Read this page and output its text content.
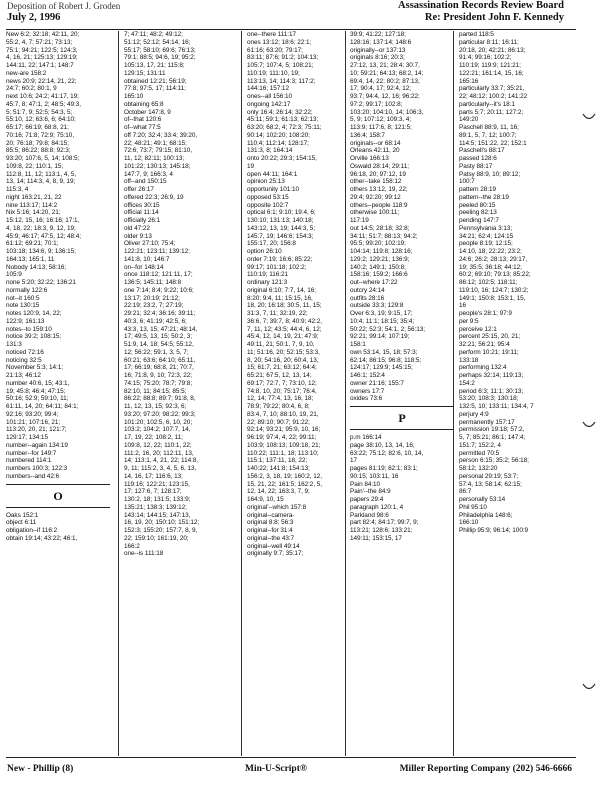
Deposition of Robert J. Groden
July 2, 1996
Assassination Records Review Board
Re: President John F. Kennedy
New 6:2; 32:18; 42:11, 20;
55:2, 4, 7; 57:21; 73:13;
75:1; 94:21; 122:5; 124:3,
4, 16, 21; 125:13; 129:19;
144:11, 22; 147:1; 148:7
new-are 158:2
news 20:9; 22:14, 21, 22;
24:7; 60:2; 80:1, 9
next 10:6; 24:2; 41:17, 19;
45:7, 8; 47:1, 2; 48:5; 49:3,
5; 51:7, 9; 52:5; 54:3, 5;
55:10, 12; 63:6, 6; 64:10;
65:17; 66:19; 68:8, 21;
70:16; 71:8; 72:9; 75:10,
20; 76:18; 79:8; 84:15;
85:5; 86:22; 88:8; 92:3;
93:20; 107:6, 5, 14; 108:5;
109:8, 22; 110:1, 15;
112:8, 11, 12; 113:1, 4, 5,
13, 14; 114:3, 4, 8, 9, 19;
115:3, 4
night 163:21, 21, 22
nine 113:17; 114:2
Nix 5:16; 14:20, 21;
15:12, 15, 16; 16:16; 17:1,
4, 18, 22; 18:3, 9, 12, 19;
45:9; 46:17; 47:5, 12; 48:4;
61:12; 69:21; 70:1;
103:18; 134:6, 9; 136:15;
164:13; 165:1, 11
Nobody 14:13; 58:16;
105:9
none 5:20; 32:22; 136:21
normally 122:6
not--it 160:5
note 130:15
notes 120:9, 14, 22;
122:9; 161:13
notes--to 159:10
notice 39:2; 108:15;
131:3
noticed 72:16
noticing 32:5
November 5:3; 14:1;
21:13; 46:12
number 40:6, 15; 43:1,
19; 45:8; 46:4; 47:15;
50:16; 52:9; 59:10, 11;
61:11, 14, 20; 64:11; 84:1;
92:16; 93:20; 99:4;
101:21; 107:16, 21;
113:20, 20, 21; 121:7;
129:17; 134:15
number--again 134:19
number--for 149:7
numbered 114:1
numbers 100:3; 122:3
numbers--and 42:6
O
Oaks 152:1
object 6:11
obligation--if 116:2
obtain 19:14; 43:22; 46:1,
7; 47:11; 48:2; 49:12;
51:12; 52:12; 54:14, 16;
55:17; 58:10; 69:6; 76:13;
79:1; 88:5; 94:6, 19; 95:2;
105:13, 17, 21; 115:8;
129:15; 131:11
obtained 12:21; 56:19;
77:8; 97:5, 17; 114:11;
165:10
obtaining 65:8
October 147:8, 9
of--that 120:6
of--what 77:5
off 7:20; 32:4; 33:4; 39:20,
22; 48:21; 49:1; 68:15;
72:6; 73:7; 79:15; 81:10,
11, 12; 82:11; 100:13;
101:22; 130:13; 145:18;
147:7, 9; 166:3, 4
off--and 150:15
offer 26:17
offered 22:3; 26:9, 19
offices 30:15
official 11:14
officially 26:1
old 47:22
older 9:13
Oliver 27:10; 75:4;
122:21; 123:11; 139:12;
141:8, 10; 146:7
on--for 148:14
once 118:12; 121:11, 17;
136:5; 145:11; 148:8
one 7:14; 8:4; 9:22; 10:6;
13:17; 20:19; 21:12;
22:19; 23:2, 7; 27:19;
29:21; 32:4; 36:16; 39:11;
40:3, 6; 41:19; 42:5, 6;
43:3, 13, 15; 47:21; 48:14,
17; 49:5, 13, 15; 50:2, 3;
51:9, 14, 18; 54:5; 55:12,
12; 56:22; 59:1, 3, 5, 7;
60:21; 63:6; 64:10; 65:11,
17; 66:19; 68:8, 21; 70:7,
16; 71:8, 9, 10; 72:3, 22;
74:15; 75:20; 78:7; 79:8;
82:10, 11; 84:15; 85:5;
86:22; 88:8; 89:7; 91:8, 8,
11, 12, 13, 15; 92:3, 6;
93:20; 97:20; 98:22; 99:3;
101:20; 102:5, 6, 10, 20;
103:2; 104:2; 107:7, 14,
17, 19, 22; 108:2, 11;
109:8, 12, 22; 110:1, 22;
111:2, 16, 20; 112:11, 13,
14; 113:1, 4, 21, 22; 114:8,
9, 11; 115:2, 3, 4, 5, 6, 13,
14, 16, 17; 116:6, 13;
119:16; 122:21; 123:15,
17; 127:6, 7; 128:17;
130:2, 18; 131:5; 133:9;
135:21; 138:3; 139:12;
143:14; 144:15; 147:13,
16, 19, 20; 150:10; 151:12;
152:3; 155:20; 157:7, 8, 9,
22; 159:10; 161:19, 20;
166:2
one--is 111:18
one--there 111:17
ones 13:12; 18:6; 22:1;
61:16; 63:20; 79:17;
83:11; 87:6; 91:2; 104:13;
105:7; 107:4, 5; 108:21;
110:19; 111:10, 19;
113:13, 14; 114:3; 117:2;
144:16; 157:12
ones--all 156:10
ongoing 142:17
only 16:4; 26:14; 32:22;
45:11; 59:1; 61:13; 62:13;
63:20; 68:2, 4; 72:3; 75:11;
90:14; 102:20; 108:20;
110:4; 112:14; 128:17;
131:3, 8; 164:14
onto 20:22; 29:3; 154:15,
19
open 44:11; 164:1
opinion 25:13
opportunity 101:10
opposed 53:15
opposite 102:7
optical 6:1; 9:10; 19:4, 6;
130:10; 131:13; 140:18;
143:12, 13, 19; 144:3, 5;
145:7, 19; 146:6; 154:3;
155:17, 20; 156:8
option 26:10
order 7:19; 16:6; 85:22;
99:17; 101:18; 102:2;
110:19; 116:21
ordinary 121:3
original 6:10; 7:7, 14, 16;
8:20; 9:4, 11; 15:15, 16,
18, 20; 16:18; 30:5, 11, 15;
31:3, 7, 11; 32:19, 22;
36:6, 7; 39:7, 8; 40:9; 42:2,
7, 11, 12; 43:5; 44:4, 6, 12;
45:4, 12, 14, 19, 21; 47:9;
49:11, 21; 50:1, 7, 9, 10,
11; 51:16, 20; 52:15; 53:3,
8, 20; 54:16, 20; 60:4, 13,
15; 61:7, 21; 63:12; 64:4;
65:21; 67:5, 12, 13, 14;
69:17; 72:7, 7; 73:10, 12;
74:8, 10, 20; 75:17; 76:4,
12, 14; 77:4, 13, 16, 18;
78:9; 79:22; 80:4, 6, 8;
83:4, 7, 10; 88:10, 19, 21,
22; 89:10; 90:7; 91:22;
92:14; 93:21; 95:9, 10, 16;
96:19; 97:4, 4, 22; 99:11;
103:9; 108:13; 109:18, 21;
110:22; 111:1, 18; 113:10;
115:1; 137:11, 18, 22;
140:22; 141:8; 154:13;
156:2, 3, 18, 19; 160:2, 12,
15, 21, 22; 161:5; 162:2, 5,
12, 14, 22; 163:3, 7, 9;
164:9, 10, 15
original'--which 157:8
original--camera-
original 8:8; 56:3
original--for 31:4
original--the 43:7
original--well 49:14
originally 9:7; 35:17;
39:9; 41:22; 127:18;
128:16; 137:14; 148:6
originally--or 137:13
originals 8:16; 20:3;
27:12, 13, 21; 28:4; 30:7,
10; 59:21; 64:13; 68:2, 14;
69:4, 14, 22; 80:2; 87:13,
17; 90:4, 17; 92:4, 12;
93:7; 94:4, 12, 16; 96:22;
97:2; 99:17; 102:8;
103:20; 104:10, 14; 106:3,
5, 9; 107:12; 109:3, 4;
113:9; 117:6, 8; 121:5;
136:4; 158:7
originals--or 68:14
Orleans 42:11, 20
Orville 166:13
Oswald 28:14; 29:11;
96:18, 20; 97:12, 19
other--take 158:12
others 13:12, 19, 22;
29:4; 92:20; 99:12
others--people 118:9
otherwise 100:11;
117:19
out 14:5; 28:18; 32:8;
34:11; 51:7; 88:13; 94:2;
95:5; 99:20; 102:19;
104:14; 119:8; 128:16;
129:2; 129:21; 136:9;
140:2; 149:1; 150:8;
158:16; 159:2; 166:6
out--where 17:22
outcry 24:14
outfits 28:16
outside 33:3; 129:8
Over 6:3, 19; 9:15, 17;
10:4; 11:1; 18:15; 35:4;
50:22; 52:3; 54:1, 2; 56:13;
92:21; 99:14; 107:19;
158:1
own 53:14, 15, 18; 57:3;
62:14; 86:15; 96:8; 118:5;
124:17; 129:9; 145:15;
146:1; 152:4
owner 21:16; 155:7
owners 17:7
oxides 73:6
P
p.m 166:14
page 38:10, 13, 14, 16;
63:22; 75:12; 82:6, 10, 14,
17
pages 81:19; 82:1; 83:1;
90:15; 103:11, 16
Pain 84:10
Pain'--the 84:9
papers 29:4
paragraph 120:1, 4
Parkland 98:6
part 82:4; 84:17; 99:7, 9;
113:21; 128:6; 133:21;
149:11; 153:15, 17
parted 118:5
particular 8:11; 16:11;
20:18, 20; 42:21; 86:13;
91:4; 99:16; 102:2;
110:19; 119:9; 121:21;
122:21; 161:14, 15, 16;
165:16
particularly 33:7; 35:21,
22; 48:12; 100:2; 141:22
particularly--it's 18:1
parts 5:7; 20:11; 127:2;
149:20
Paschell 88:9, 11, 16;
89:1, 5, 7, 12; 100:7;
114:5; 151:22, 22; 152:1
Paschell's 88:17
passed 128:6
Pasty 88:17
Patsy 88:9, 10; 89:12;
100:7
pattern 28:19
pattern--the 28:19
peeled 80:15
peeling 82:13
pending 147:7
Pennsylvania 3:13;
34:21; 62:4; 124:15
people 8:19; 12:15;
14:10, 18; 22:22; 23:2;
24:6; 26:2; 28:13; 29:17,
19; 35:5; 36:18; 44:12;
60:2; 69:10; 79:13; 85:22;
86:12; 102:5; 118:11;
119:10, 16; 124:7; 130:2;
149:1; 150:8; 153:1, 15,
16
people's 28:1; 97:9
per 9:5
perceive 12:1
percent 25:15, 20, 21;
32:21; 56:21; 95:4
perform 10:21; 19:11;
133:18
performing 132:4
perhaps 32:14; 119:13;
154:2
period 6:3; 11:1; 30:13;
53:20; 108:3; 130:18;
132:5, 10; 133:11; 134:4, 7
perjury 4:9
permanently 157:17
permission 19:18; 57:2,
5, 7; 85:21; 86:1; 147:4;
151:7; 152:2, 4
permitted 70:5
person 6:15; 35:2; 56:18;
58:12; 132:20
personal 29:19; 53:7;
57:4, 13; 58:14; 62:15;
86:7
personally 53:14
Phil 95:10
Philadelphia 148:6;
166:10
Phillip 95:9; 96:14; 100:9
New - Phillip (8)	Min-U-Script®	Miller Reporting Company (202) 546-6666
